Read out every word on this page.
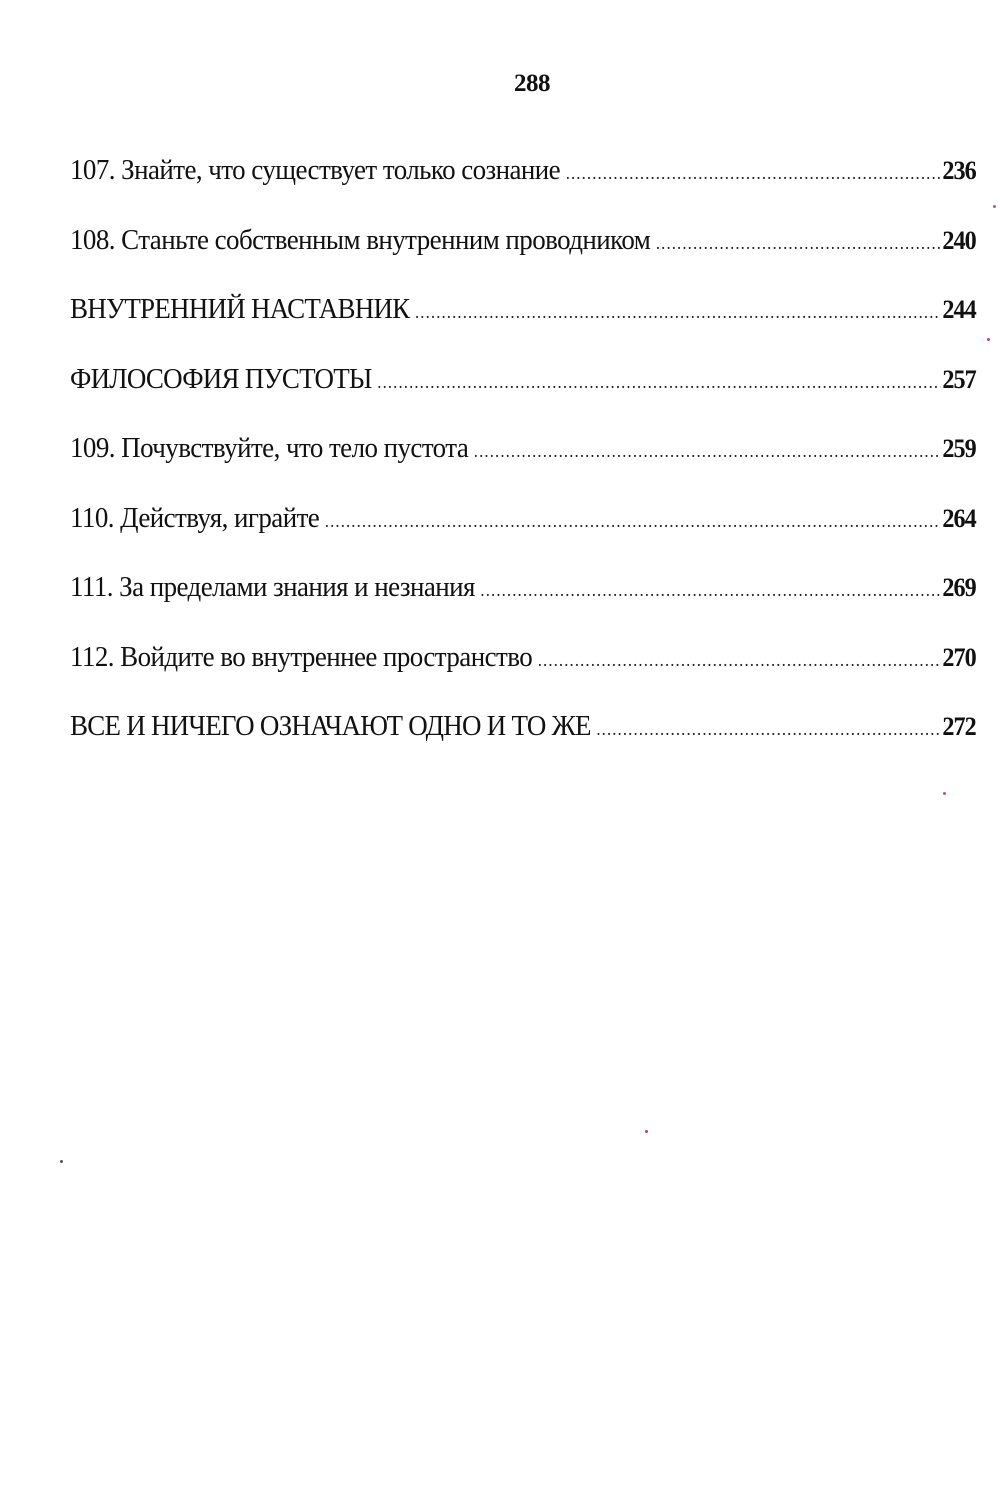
288
107. Знайте, что существует только сознание .....	236
108. Станьте собственным внутренним проводником .....	240
ВНУТРЕННИЙ НАСТАВНИК .....	244
ФИЛОСОФИЯ ПУСТОТЫ .....	257
109. Почувствуйте, что тело пустота .....	259
110. Действуя, играйте .....	264
111. За пределами знания и незнания .....	269
112. Войдите во внутреннее пространство .....	270
ВСЕ И НИЧЕГО ОЗНАЧАЮТ ОДНО И ТО ЖЕ .....	272
